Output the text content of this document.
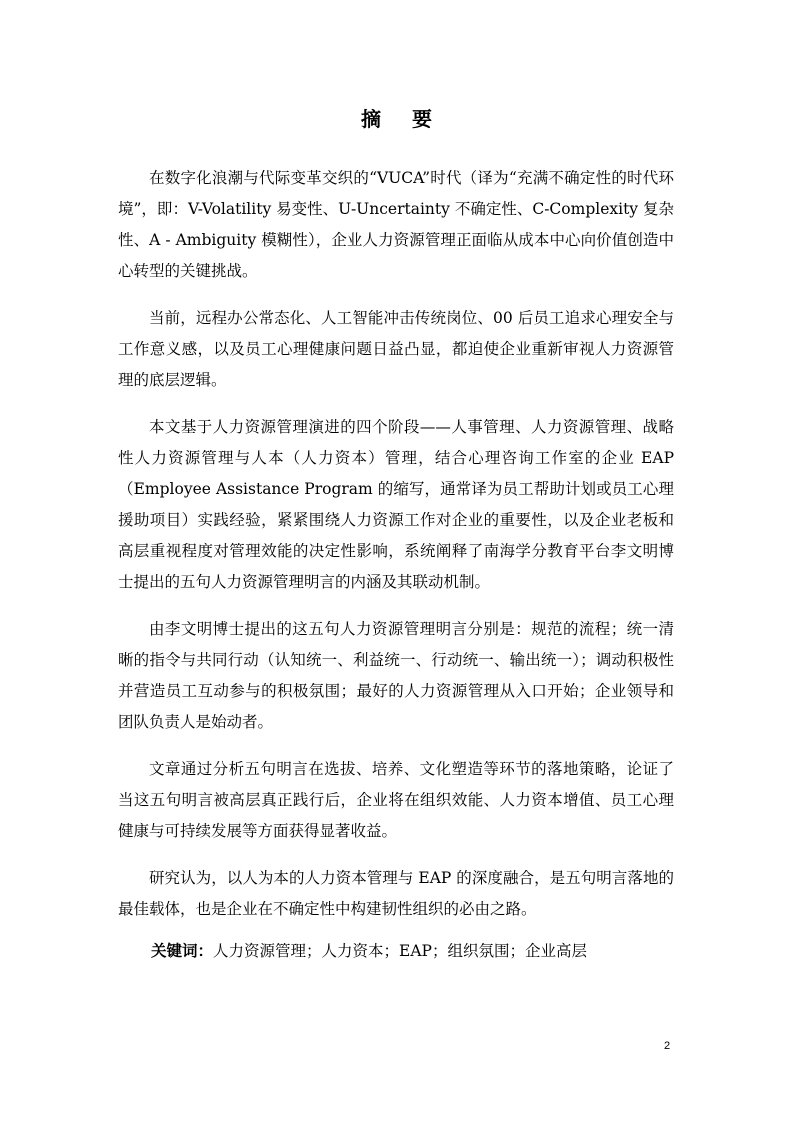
摘 要

在数字化浪潮与代际变革交织的“VUCA”时代（译为“充满不确定性的时代环境”，即：V-Volatility 易变性、U-Uncertainty 不确定性、C-Complexity 复杂性、A - Ambiguity 模糊性），企业人力资源管理正面临从成本中心向价值创造中心转型的关键挑战。

当前，远程办公常态化、人工智能冲击传统岗位、00 后员工追求心理安全与工作意义感，以及员工心理健康问题日益凸显，都迫使企业重新审视人力资源管理的底层逻辑。

本文基于人力资源管理演进的四个阶段——人事管理、人力资源管理、战略性人力资源管理与人本（人力资本）管理，结合心理咨询工作室的企业 EAP（Employee Assistance Program 的缩写，通常译为员工帮助计划或员工心理援助项目）实践经验，紧紧围绕人力资源工作对企业的重要性，以及企业老板和高层重视程度对管理效能的决定性影响，系统阐释了南海学分教育平台李文明博士提出的五句人力资源管理明言的内涵及其联动机制。

由李文明博士提出的这五句人力资源管理明言分别是：规范的流程；统一清晰的指令与共同行动（认知统一、利益统一、行动统一、输出统一）；调动积极性并营造员工互动参与的积极氛围；最好的人力资源管理从入口开始；企业领导和团队负责人是始动者。

文章通过分析五句明言在选拔、培养、文化塑造等环节的落地策略，论证了当这五句明言被高层真正践行后，企业将在组织效能、人力资本增值、员工心理健康与可持续发展等方面获得显著收益。

研究认为，以人为本的人力资本管理与 EAP 的深度融合，是五句明言落地的最佳载体，也是企业在不确定性中构建韧性组织的必由之路。

关键词：人力资源管理；人力资本；EAP；组织氛围；企业高层
2
